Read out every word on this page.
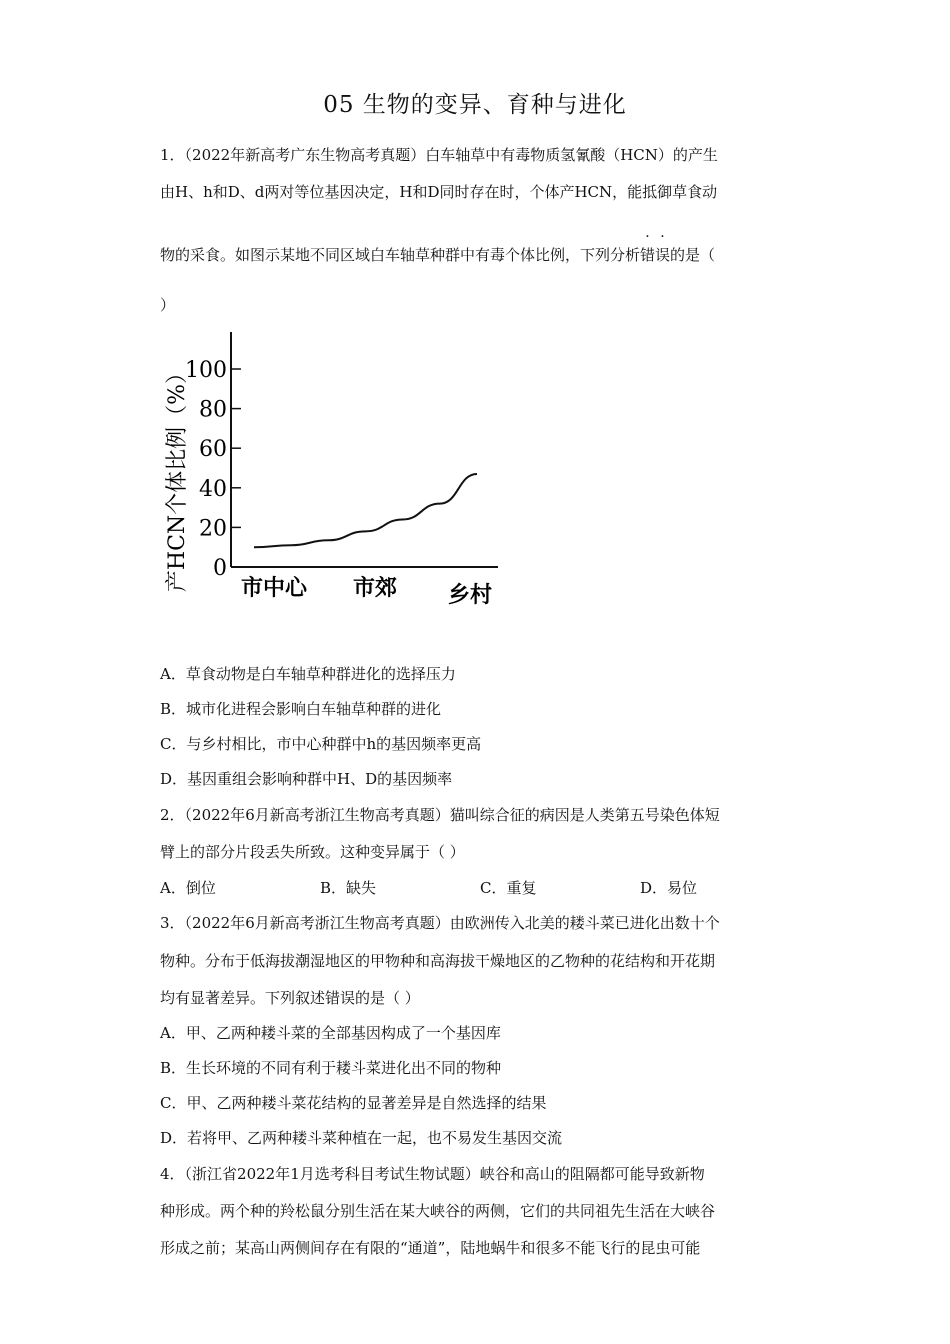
05 生物的变异、育种与进化
1．（2022年新高考广东生物高考真题）白车轴草中有毒物质氢氰酸（HCN）的产生
由H、h和D、d两对等位基因决定，H和D同时存在时，个体产HCN，能抵御草食动
物的采食。如图示某地不同区域白车轴草种群中有毒个体比例，下列分析
·
错
·
误的是（
）
0
20
40
60
80
100
市中心 市郊 乡村
产HCN个体比例（%）
A．草食动物是白车轴草种群进化的选择压力
B．城市化进程会影响白车轴草种群的进化
C．与乡村相比，市中心种群中h的基因频率更高
D．基因重组会影响种群中H、D的基因频率
2．（2022年6月新高考浙江生物高考真题）猫叫综合征的病因是人类第五号染色体短
臂上的部分片段丢失所致。这种变异属于（ ）
A．倒位	B．缺失	C．重复	D．易位
3．（2022年6月新高考浙江生物高考真题）由欧洲传入北美的耧斗菜已进化出数十个
物种。分布于低海拔潮湿地区的甲物种和高海拔干燥地区的乙物种的花结构和开花期
均有显著差异。下列叙述错误的是（ ）
A．甲、乙两种耧斗菜的全部基因构成了一个基因库
B．生长环境的不同有利于耧斗菜进化出不同的物种
C．甲、乙两种耧斗菜花结构的显著差异是自然选择的结果
D．若将甲、乙两种耧斗菜种植在一起，也不易发生基因交流
4．（浙江省2022年1月选考科目考试生物试题）峡谷和高山的阻隔都可能导致新物
种形成。两个种的羚松鼠分别生活在某大峡谷的两侧，它们的共同祖先生活在大峡谷
形成之前；某高山两侧间存在有限的“通道”，陆地蜗牛和很多不能飞行的昆虫可能
